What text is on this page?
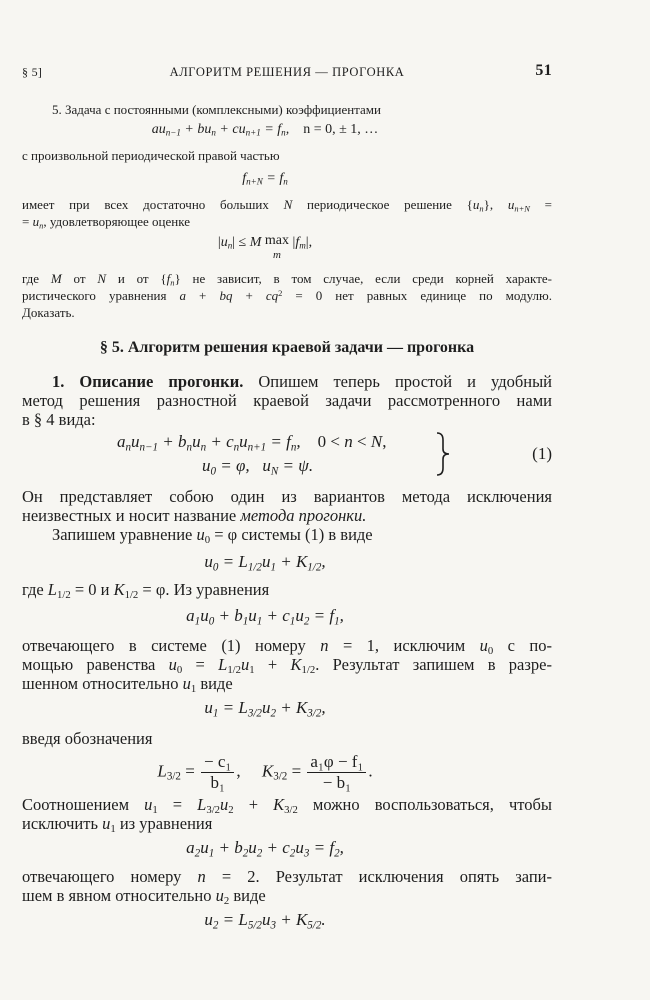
§ 5]	АЛГОРИТМ РЕШЕНИЯ — ПРОГОНКА	51
5. Задача с постоянными (комплексными) коэффициентами
$au_{n-1} + bu_n + cu_{n+1} = f_n$,    n = 0, ± 1, …
с произвольной периодической правой частью
$f_{n+N} = f_n$
имеет при всех достаточно больших N периодическое решение $\{u_n\}$, $u_{n+N}$ =
= $u_n$, удовлетворяющее оценке
$|u_n| \le M$ max
m $|f_m|$,
где M от N и от $\{f_n\}$ не зависит, в том случае, если среди корней характе-
ристического уравнения a + bq + $cq^2 = 0$ нет равных единице по модулю.
Доказать.
§ 5. Алгоритм решения краевой задачи — прогонка
1. Описание прогонки. Опишем теперь простой и удобный
метод решения разностной краевой задачи рассмотренного нами
в § 4 вида:
$a_nu_{n-1} + b_nu_n + c_nu_{n+1} = f_n$,    0 < n < N,
$u_0 = \varphi$,   $u_N = \psi$.
(1)
Он представляет собою один из вариантов метода исключения
неизвестных и носит название метода прогонки.
Запишем уравнение $u_0 = \varphi$ системы (1) в виде
$u_0 = L_{1/2}u_1 + K_{1/2}$,
где $L_{1/2} = 0$ и $K_{1/2} = \varphi$. Из уравнения
$a_1u_0 + b_1u_1 + c_1u_2 = f_1$,
отвечающего в системе (1) номеру n = 1, исключим $u_0$ с по-
мощью равенства $u_0 = L_{1/2}u_1 + K_{1/2}$. Результат запишем в разре-
шенном относительно $u_1$ виде
$u_1 = L_{3/2}u_2 + K_{3/2}$,
введя обозначения
$L_{3/2} = \frac{\text{− c₁}}{\text{b₁}}$ ,     $K_{3/2} = \frac{\text{a₁φ − f₁}}{\text{− b₁}}$ .
Соотношением $u_1 = L_{3/2}u_2 + K_{3/2}$ можно воспользоваться, чтобы
исключить $u_1$ из уравнения
$a_2u_1 + b_2u_2 + c_2u_3 = f_2$,
отвечающего номеру n = 2. Результат исключения опять запи-
шем в явном относительно $u_2$ виде
$u_2 = L_{5/2}u_3 + K_{5/2}$.
